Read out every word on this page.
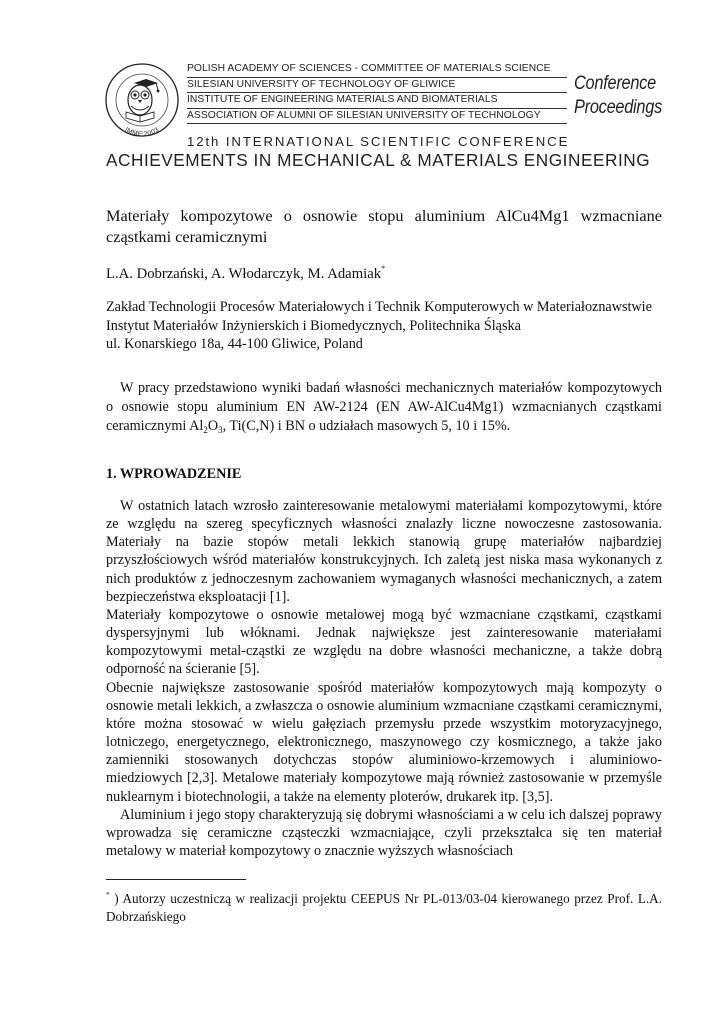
IMME'2003
POLISH ACADEMY OF SCIENCES - COMMITTEE OF MATERIALS SCIENCE
SILESIAN UNIVERSITY OF TECHNOLOGY OF GLIWICE
INSTITUTE OF ENGINEERING MATERIALS AND BIOMATERIALS
ASSOCIATION OF ALUMNI OF SILESIAN UNIVERSITY OF TECHNOLOGY
Conference
Proceedings
12th INTERNATIONAL SCIENTIFIC CONFERENCE
ACHIEVEMENTS IN MECHANICAL & MATERIALS ENGINEERING
Materiały kompozytowe o osnowie stopu aluminium AlCu4Mg1 wzmacniane cząstkami ceramicznymi
L.A. Dobrzański, A. Włodarczyk, M. Adamiak*
Zakład Technologii Procesów Materiałowych i Technik Komputerowych w Materiałoznawstwie
Instytut Materiałów Inżynierskich i Biomedycznych, Politechnika Śląska
ul. Konarskiego 18a, 44-100 Gliwice, Poland

W pracy przedstawiono wyniki badań własności mechanicznych materiałów kompozytowych o osnowie stopu aluminium EN AW-2124 (EN AW-AlCu4Mg1) wzmacnianych cząstkami ceramicznymi $Al_2O_3$, Ti(C,N) i BN o udziałach masowych 5, 10 i 15%.

1. WPROWADZENIE

W ostatnich latach wzrosło zainteresowanie metalowymi materiałami kompozytowymi, które ze względu na szereg specyficznych własności znalazły liczne nowoczesne zastosowania. Materiały na bazie stopów metali lekkich stanowią grupę materiałów najbardziej przyszłościowych wśród materiałów konstrukcyjnych. Ich zaletą jest niska masa wykonanych z nich produktów z jednoczesnym zachowaniem wymaganych własności mechanicznych, a zatem bezpieczeństwa eksploatacji [1].

Materiały kompozytowe o osnowie metalowej mogą być wzmacniane cząstkami, cząstkami dyspersyjnymi lub włóknami. Jednak największe jest zainteresowanie materiałami kompozytowymi metal-cząstki ze względu na dobre własności mechaniczne, a także dobrą odporność na ścieranie [5].

Obecnie największe zastosowanie spośród materiałów kompozytowych mają kompozyty o osnowie metali lekkich, a zwłaszcza o osnowie aluminium wzmacniane cząstkami ceramicznymi, które można stosować w wielu gałęziach przemysłu przede wszystkim motoryzacyjnego, lotniczego, energetycznego, elektronicznego, maszynowego czy kosmicznego, a także jako zamienniki stosowanych dotychczas stopów aluminiowo-krzemowych i aluminiowo-miedziowych [2,3]. Metalowe materiały kompozytowe mają również zastosowanie w przemyśle nuklearnym i biotechnologii, a także na elementy ploterów, drukarek itp. [3,5].

Aluminium i jego stopy charakteryzują się dobrymi własnościami a w celu ich dalszej poprawy wprowadza się ceramiczne cząsteczki wzmacniające, czyli przekształca się ten materiał metalowy w materiał kompozytowy o znacznie wyższych własnościach

* ) Autorzy uczestniczą w realizacji projektu CEEPUS Nr PL-013/03-04 kierowanego przez Prof. L.A. Dobrzańskiego
